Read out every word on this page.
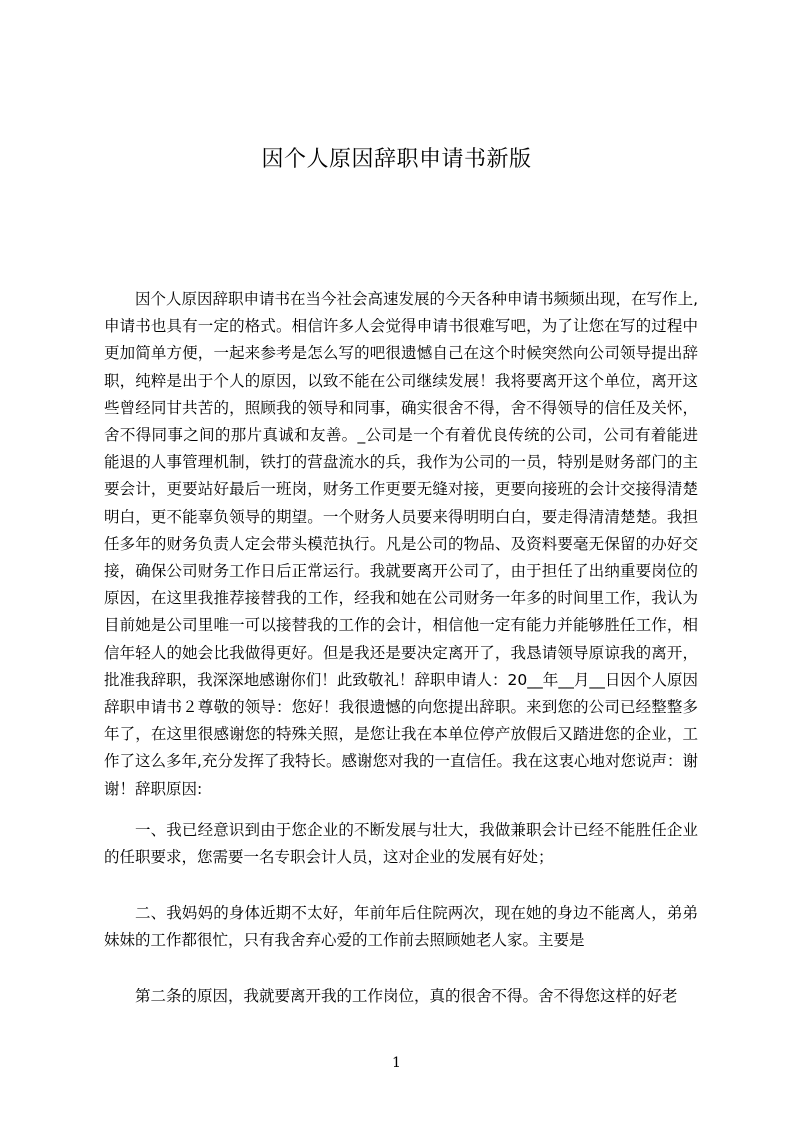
因个人原因辞职申请书新版

因个人原因辞职申请书在当今社会高速发展的今天各种申请书频频出现，在写作上,申请书也具有一定的格式。相信许多人会觉得申请书很难写吧，为了让您在写的过程中更加简单方便，一起来参考是怎么写的吧很遗憾自己在这个时候突然向公司领导提出辞职，纯粹是出于个人的原因，以致不能在公司继续发展！我将要离开这个单位，离开这些曾经同甘共苦的，照顾我的领导和同事，确实很舍不得，舍不得领导的信任及关怀，舍不得同事之间的那片真诚和友善。_公司是一个有着优良传统的公司，公司有着能进能退的人事管理机制，铁打的营盘流水的兵，我作为公司的一员，特别是财务部门的主要会计，更要站好最后一班岗，财务工作更要无缝对接，更要向接班的会计交接得清楚明白，更不能辜负领导的期望。一个财务人员要来得明明白白，要走得清清楚楚。我担任多年的财务负责人定会带头模范执行。凡是公司的物品、及资料要毫无保留的办好交接，确保公司财务工作日后正常运行。我就要离开公司了，由于担任了出纳重要岗位的原因，在这里我推荐接替我的工作，经我和她在公司财务一年多的时间里工作，我认为目前她是公司里唯一可以接替我的工作的会计，相信他一定有能力并能够胜任工作，相信年轻人的她会比我做得更好。但是我还是要决定离开了，我恳请领导原谅我的离开，批准我辞职，我深深地感谢你们！此致敬礼！辞职申请人：20__年__月__日因个人原因辞职申请书２尊敬的领导：您好！我很遗憾的向您提出辞职。来到您的公司已经整整多年了，在这里很感谢您的特殊关照，是您让我在本单位停产放假后又踏进您的企业，工作了这么多年,充分发挥了我特长。感谢您对我的一直信任。我在这衷心地对您说声：谢谢！辞职原因:

一、我已经意识到由于您企业的不断发展与壮大，我做兼职会计已经不能胜任企业的任职要求，您需要一名专职会计人员，这对企业的发展有好处；

二、我妈妈的身体近期不太好，年前年后住院两次，现在她的身边不能离人，弟弟妹妹的工作都很忙，只有我舍弃心爱的工作前去照顾她老人家。主要是

第二条的原因，我就要离开我的工作岗位，真的很舍不得。舍不得您这样的好老

1
